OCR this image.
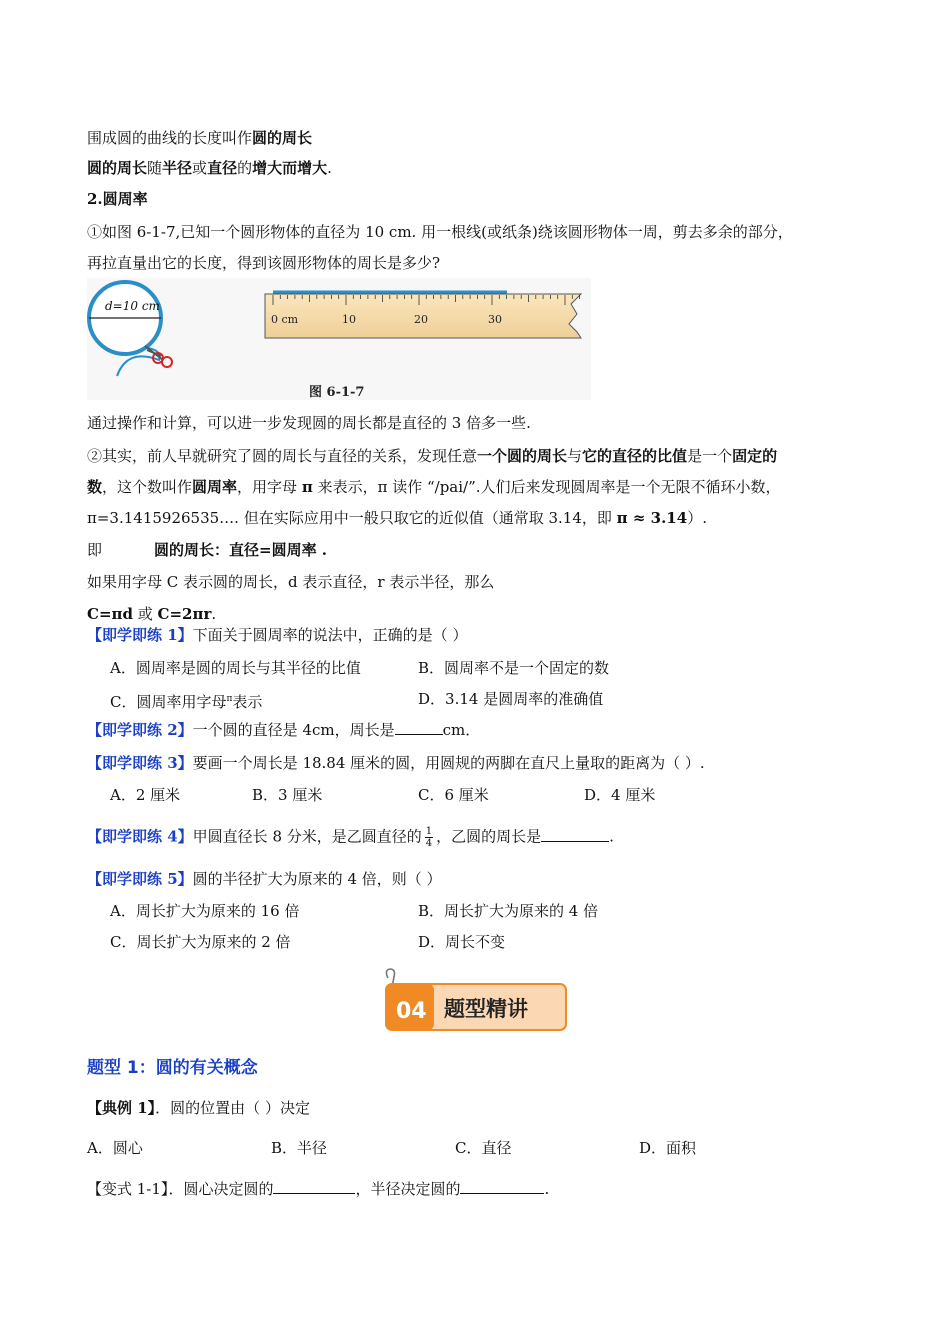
围成圆的曲线的长度叫作圆的周长
圆的周长随半径或直径的增大而增大.
2.圆周率
①如图 6-1-7,已知一个圆形物体的直径为 10 cm. 用一根线(或纸条)绕该圆形物体一周，剪去多余的部分，
再拉直量出它的长度，得到该圆形物体的周长是多少?
d=10 cm
0 cm	10	20	30
图 6-1-7
通过操作和计算，可以进一步发现圆的周长都是直径的 3 倍多一些.
②其实，前人早就研究了圆的周长与直径的关系，发现任意一个圆的周长与它的直径的比值是一个固定的
数，这个数叫作圆周率，用字母 π 来表示，π 读作 “/pai/”.人们后来发现圆周率是一个无限不循环小数，
π=3.1415926535…. 但在实际应用中一般只取它的近似值（通常取 3.14，即 π ≈ 3.14）.
即	圆的周长：直径=圆周率 .
如果用字母 C 表示圆的周长，d 表示直径，r 表示半径，那么
C=πd 或 C=2πr.
【即学即练 1】下面关于圆周率的说法中，正确的是（ ）
A．圆周率是圆的周长与其半径的比值	B．圆周率不是一个固定的数
C．圆周率用字母$^\pi$表示	D．3.14 是圆周率的准确值
【即学即练 2】一个圆的直径是 4cm，周长是	cm．
【即学即练 3】要画一个周长是 18.84 厘米的圆，用圆规的两脚在直尺上量取的距离为（ ）.
A．2 厘米	B．3 厘米	C．6 厘米	D．4 厘米
【即学即练 4】甲圆直径长 8 分米，是乙圆直径的 $\frac{1}{4}$ ，乙圆的周长是	.
【即学即练 5】圆的半径扩大为原来的 4 倍，则（ ）
A．周长扩大为原来的 16 倍	B．周长扩大为原来的 4 倍
C．周长扩大为原来的 2 倍	D．周长不变
04 题型精讲
题型 1：圆的有关概念
【典例 1】．圆的位置由（ ）决定
A．圆心	B．半径	C．直径	D．面积
【变式 1-1】．圆心决定圆的	，半径决定圆的	.
